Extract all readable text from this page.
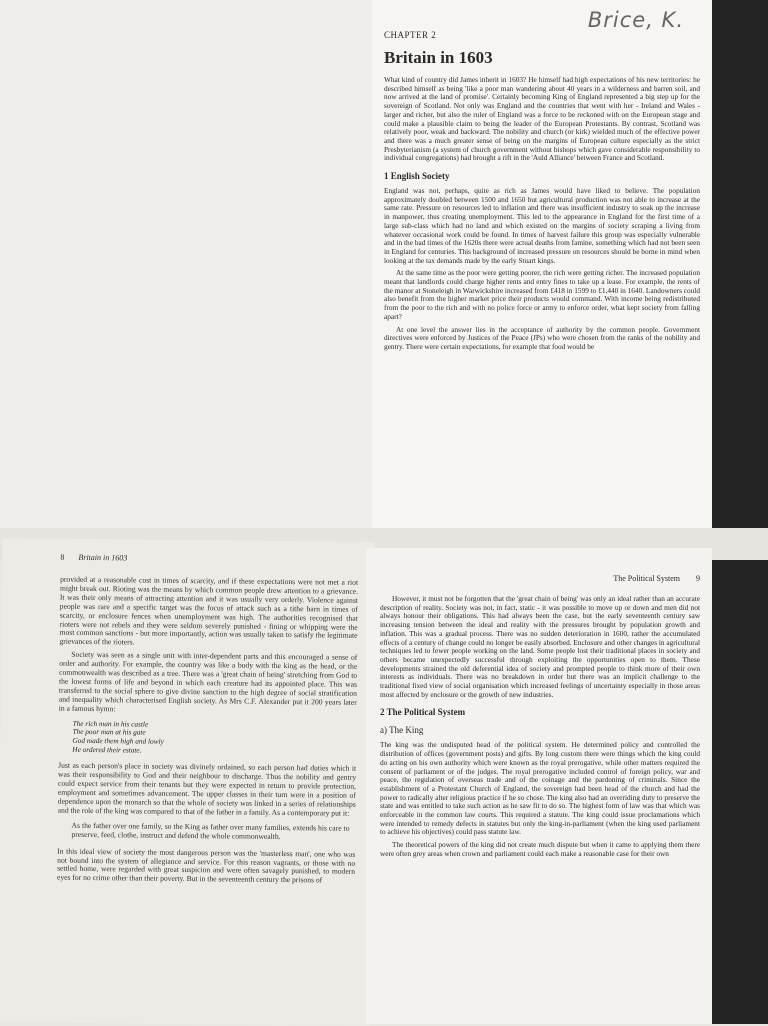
CHAPTER 2
Britain in 1603

What kind of country did James inherit in 1603? He himself had high expectations of his new territories: he described himself as being 'like a poor man wandering about 40 years in a wilderness and barren soil, and now arrived at the land of promise'. Certainly becoming King of England represented a big step up for the sovereign of Scotland. Not only was England and the countries that went with her - Ireland and Wales - larger and richer, but also the ruler of England was a force to be reckoned with on the European stage and could make a plausible claim to being the leader of the European Protestants. By contrast, Scotland was relatively poor, weak and backward. The nobility and church (or kirk) wielded much of the effective power and there was a much greater sense of being on the margins of European culture especially as the strict Presbyterianism (a system of church government without bishops which gave considerable responsibility to individual congregations) had brought a rift in the 'Auld Alliance' between France and Scotland.

1 English Society

England was not, perhaps, quite as rich as James would have liked to believe. The population approximately doubled between 1500 and 1650 but agricultural production was not able to increase at the same rate. Pressure on resources led to inflation and there was insufficient industry to soak up the increase in manpower, thus creating unemployment. This led to the appearance in England for the first time of a large sub-class which had no land and which existed on the margins of society scraping a living from whatever occasional work could be found. In times of harvest failure this group was especially vulnerable and in the bad times of the 1620s there were actual deaths from famine, something which had not been seen in England for centuries. This background of increased pressure on resources should be borne in mind when looking at the tax demands made by the early Stuart kings.

At the same time as the poor were getting poorer, the rich were getting richer. The increased population meant that landlords could charge higher rents and entry fines to take up a lease. For example, the rents of the manor at Stoneleigh in Warwickshire increased from £418 in 1599 to £1,440 in 1640. Landowners could also benefit from the higher market price their products would command. With income being redistributed from the poor to the rich and with no police force or army to enforce order, what kept society from falling apart?

At one level the answer lies in the acceptance of authority by the common people. Government directives were enforced by Justices of the Peace (JPs) who were chosen from the ranks of the nobility and gentry. There were certain expectations, for example that food would be

Brice, K.
8 Britain in 1603

provided at a reasonable cost in times of scarcity, and if these expectations were not met a riot might break out. Rioting was the means by which common people drew attention to a grievance. It was their only means of attracting attention and it was usually very orderly. Violence against people was rare and a specific target was the focus of attack such as a tithe barn in times of scarcity, or enclosure fences when unemployment was high. The authorities recognised that rioters were not rebels and they were seldom severely punished - fining or whipping were the most common sanctions - but more importantly, action was usually taken to satisfy the legitimate grievances of the rioters.

Society was seen as a single unit with inter-dependent parts and this encouraged a sense of order and authority. For example, the country was like a body with the king as the head, or the commonwealth was described as a tree. There was a 'great chain of being' stretching from God to the lowest forms of life and beyond in which each creature had its appointed place. This was transferred to the social sphere to give divine sanction to the high degree of social stratification and inequality which characterised English society. As Mrs C.F. Alexander put it 200 years later in a famous hymn:

The rich man in his castle
The poor man at his gate
God made them high and lowly
He ordered their estate.

Just as each person's place in society was divinely ordained, so each person had duties which it was their responsibility to God and their neighbour to discharge. Thus the nobility and gentry could expect service from their tenants but they were expected in return to provide protection, employment and sometimes advancement. The upper classes in their turn were in a position of dependence upon the monarch so that the whole of society was linked in a series of relationships and the role of the king was compared to that of the father in a family. As a contemporary put it:

As the father over one family, so the King as father over many families, extends his care to preserve, feed, clothe, instruct and defend the whole commonwealth.

In this ideal view of society the most dangerous person was the 'masterless man', one who was not bound into the system of allegiance and service. For this reason vagrants, or those with no settled home, were regarded with great suspicion and were often savagely punished, to modern eyes for no crime other than their poverty. But in the seventeenth century the prisons of

The Political System 9

However, it must not be forgotten that the 'great chain of being' was only an ideal rather than an accurate description of reality. Society was not, in fact, static - it was possible to move up or down and men did not always honour their obligations. This had always been the case, but the early seventeenth century saw increasing tension between the ideal and reality with the pressures brought by population growth and inflation. This was a gradual process. There was no sudden deterioration in 1600, rather the accumulated effects of a century of change could no longer be easily absorbed. Enclosure and other changes in agricultural techniques led to fewer people working on the land. Some people lost their traditional places in society and others became unexpectedly successful through exploiting the opportunities open to them. These developments strained the old deferential idea of society and prompted people to think more of their own interests as individuals. There was no breakdown in order but there was an implicit challenge to the traditional fixed view of social organisation which increased feelings of uncertainty especially in those areas most affected by enclosure or the growth of new industries.

2 The Political System
a) The King

The king was the undisputed head of the political system. He determined policy and controlled the distribution of offices (government posts) and gifts. By long custom there were things which the king could do acting on his own authority which were known as the royal prerogative, while other matters required the consent of parliament or of the judges. The royal prerogative included control of foreign policy, war and peace, the regulation of overseas trade and of the coinage and the pardoning of criminals. Since the establishment of a Protestant Church of England, the sovereign had been head of the church and had the power to radically alter religious practice if he so chose. The king also had an overriding duty to preserve the state and was entitled to take such action as he saw fit to do so. The highest form of law was that which was enforceable in the common law courts. This required a statute. The king could issue proclamations which were intended to remedy defects in statutes but only the king-in-parliament (when the king used parliament to achieve his objectives) could pass statute law.

The theoretical powers of the king did not create much dispute but when it came to applying them there were often grey areas when crown and parliament could each make a reasonable case for their own
